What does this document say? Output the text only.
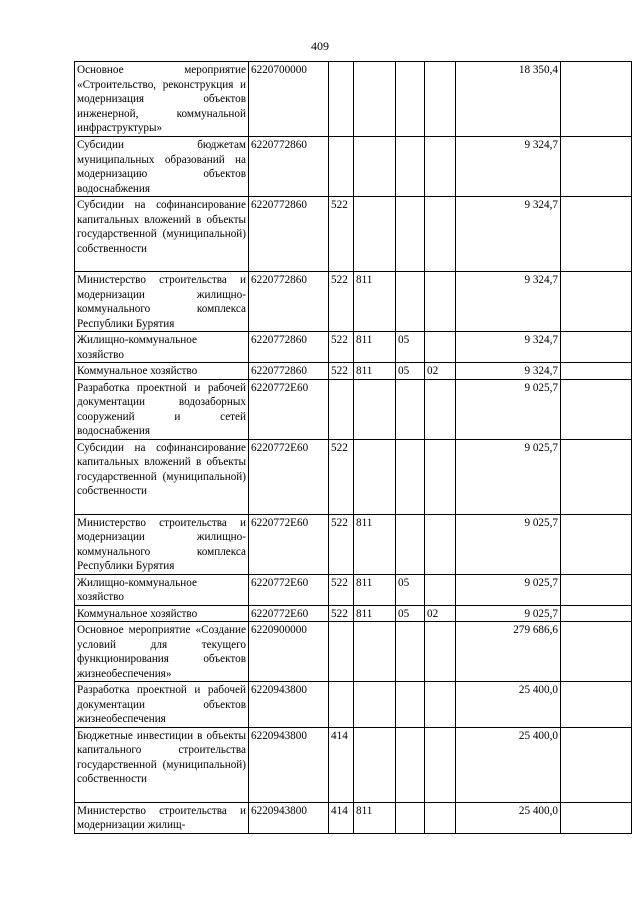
409
Основное мероприятие «Строительство, реконструкция и модернизация объектов инженерной, коммунальной инфраструктуры»	6220700000					18 350,4	
Субсидии бюджетам муниципальных образований на модернизацию объектов водоснабжения	6220772860					9 324,7	
Субсидии на софинансирование капитальных вложений в объекты государственной (муниципальной) собственности	6220772860	522				9 324,7	
Министерство строительства и модернизации жилищно-коммунального комплекса Республики Бурятия	6220772860	522	811			9 324,7	
Жилищно-коммунальное хозяйство	6220772860	522	811	05		9 324,7	
Коммунальное хозяйство	6220772860	522	811	05	02	9 324,7	
Разработка проектной и рабочей документации водозаборных сооружений и сетей водоснабжения	6220772E60					9 025,7	
Субсидии на софинансирование капитальных вложений в объекты государственной (муниципальной) собственности	6220772E60	522				9 025,7	
Министерство строительства и модернизации жилищно-коммунального комплекса Республики Бурятия	6220772E60	522	811			9 025,7	
Жилищно-коммунальное хозяйство	6220772E60	522	811	05		9 025,7	
Коммунальное хозяйство	6220772E60	522	811	05	02	9 025,7	
Основное мероприятие «Создание условий для текущего функционирования объектов жизнеобеспечения»	6220900000					279 686,6	
Разработка проектной и рабочей документации объектов жизнеобеспечения	6220943800					25 400,0	
Бюджетные инвестиции в объекты капитального строительства государственной (муниципальной) собственности	6220943800	414				25 400,0	
Министерство строительства и модернизации жилищ-	6220943800	414	811			25 400,0	
